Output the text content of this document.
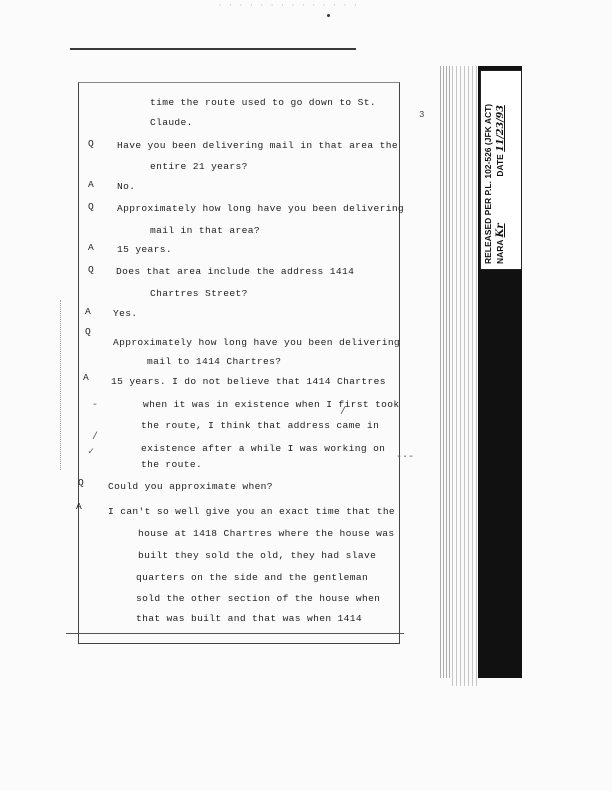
· · · · · · · · · · · · · ·
3
-
/
✓
/
-·-
time the route used to go down to St.
Claude.
Q Have you been delivering mail in that area the
entire 21 years?
A No.
Q Approximately how long have you been delivering
mail in that area?
A 15 years.
Q Does that area include the address 1414
Chartres Street?
A Yes.
Q
Approximately how long have you been delivering
mail to 1414 Chartres?
A 15 years. I do not believe that 1414 Chartres
when it was in existence when I first took
the route, I think that address came in
existence after a while I was working on
the route.
Q	Could you approximate when?
A	I can't so well give you an exact time that the
house at 1418 Chartres where the house was
built they sold the old, they had slave
quarters on the side and the gentleman
sold the other section of the house when
that was built and that was when 1414
RELEASED PER P.L. 102-526 (JFK ACT) NARA Kr  DATE 11/23/93
